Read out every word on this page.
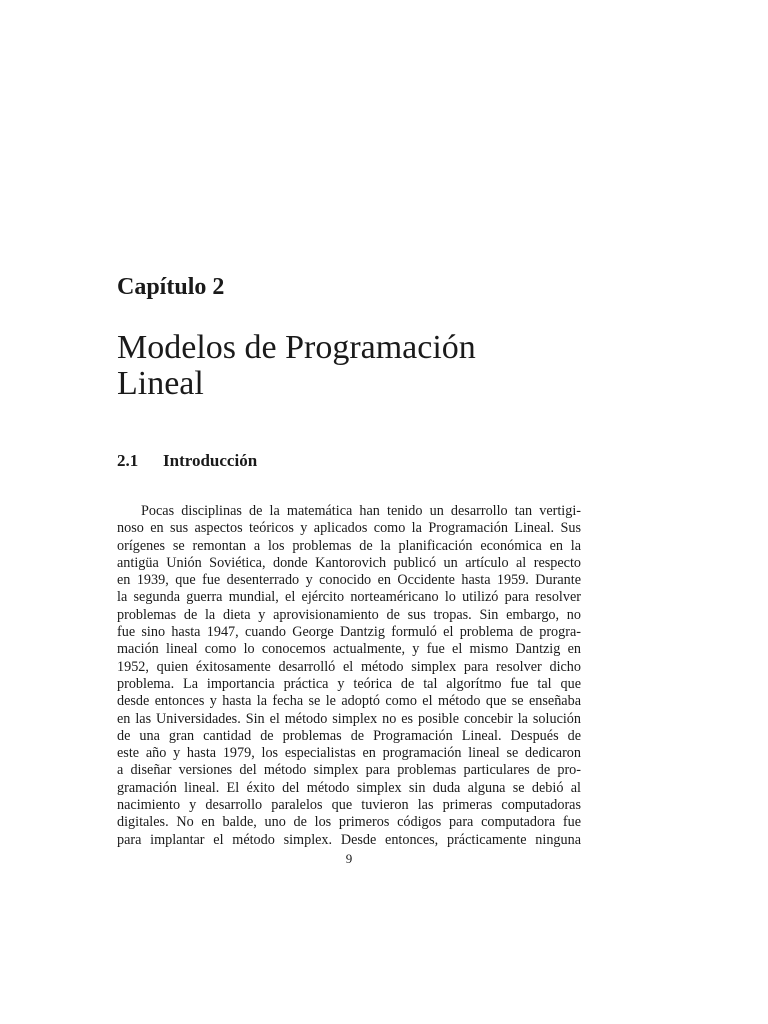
Capítulo 2
Modelos de Programación
Lineal
2.1 Introducción

Pocas disciplinas de la matemática han tenido un desarrollo tan vertigi-
noso en sus aspectos teóricos y aplicados como la Programación Lineal. Sus
orígenes se remontan a los problemas de la planificación económica en la
antigüa Unión Soviética, donde Kantorovich publicó un artículo al respecto
en 1939, que fue desenterrado y conocido en Occidente hasta 1959. Durante
la segunda guerra mundial, el ejército norteaméricano lo utilizó para resolver
problemas de la dieta y aprovisionamiento de sus tropas. Sin embargo, no
fue sino hasta 1947, cuando George Dantzig formuló el problema de progra-
mación lineal como lo conocemos actualmente, y fue el mismo Dantzig en
1952, quien éxitosamente desarrolló el método simplex para resolver dicho
problema. La importancia práctica y teórica de tal algorítmo fue tal que
desde entonces y hasta la fecha se le adoptó como el método que se enseñaba
en las Universidades. Sin el método simplex no es posible concebir la solución
de una gran cantidad de problemas de Programación Lineal. Después de
este año y hasta 1979, los especialistas en programación lineal se dedicaron
a diseñar versiones del método simplex para problemas particulares de pro-
gramación lineal. El éxito del método simplex sin duda alguna se debió al
nacimiento y desarrollo paralelos que tuvieron las primeras computadoras
digitales. No en balde, uno de los primeros códigos para computadora fue
para implantar el método simplex. Desde entonces, prácticamente ninguna

9
